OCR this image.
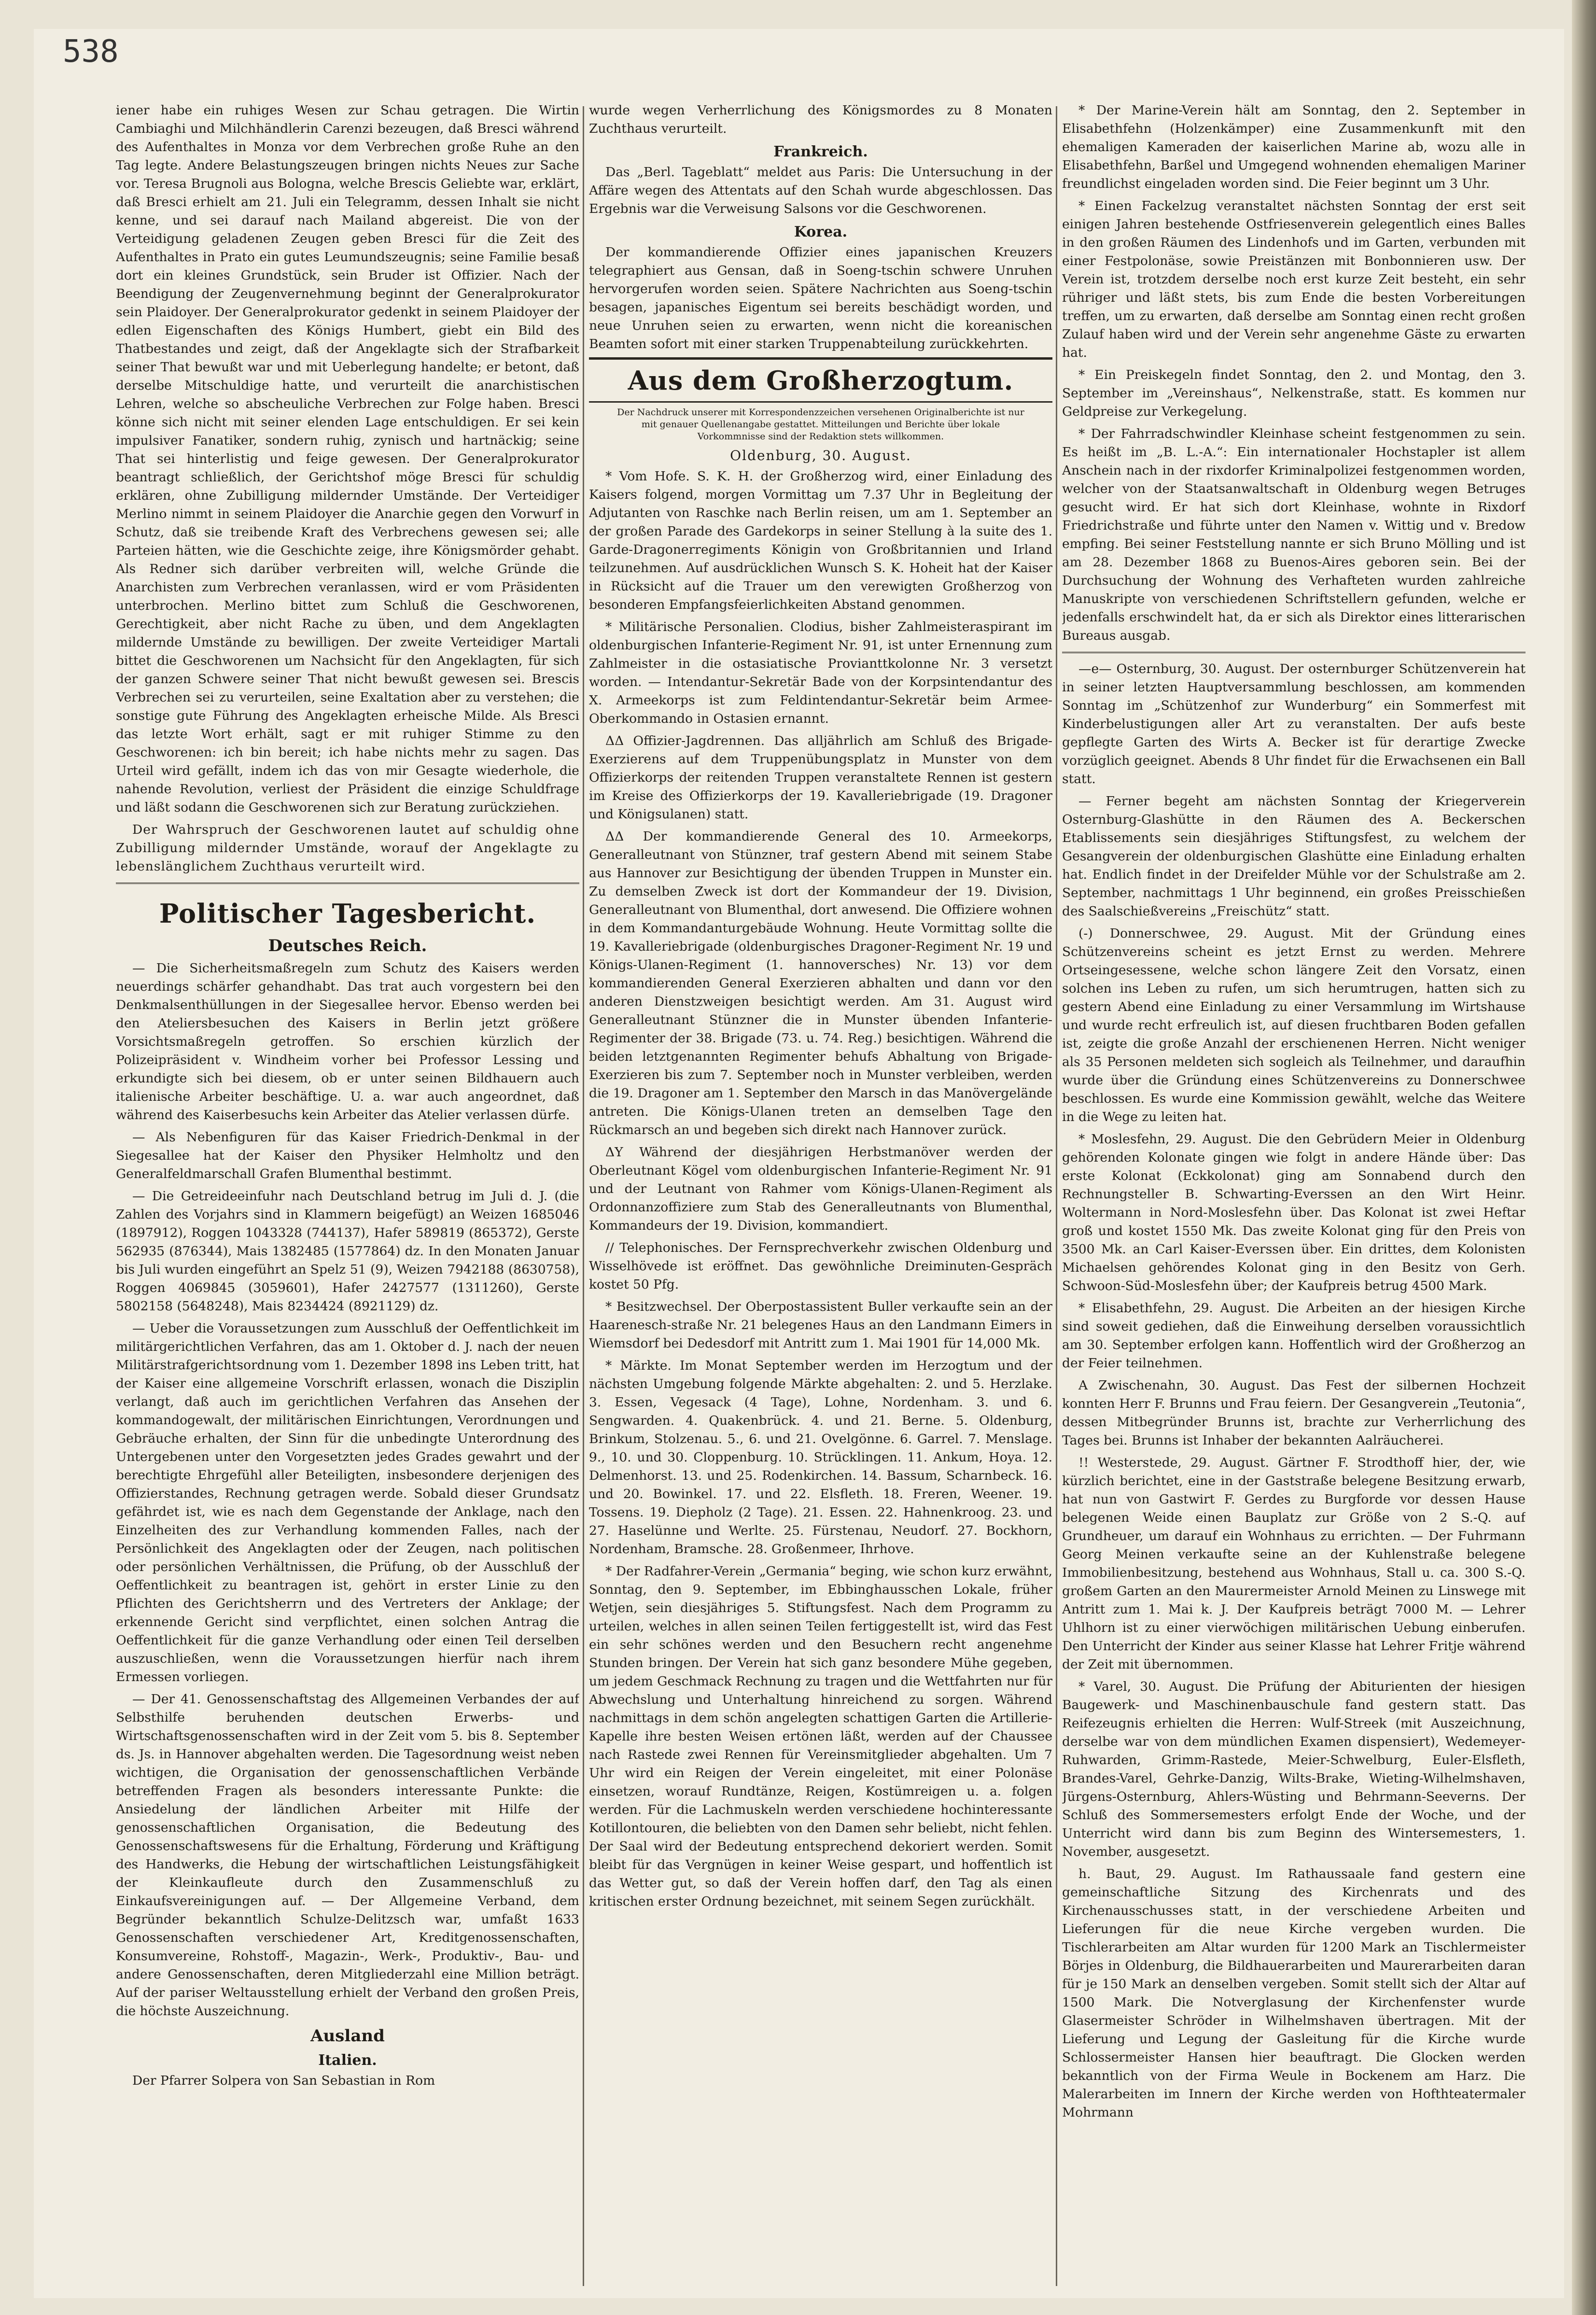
538

iener habe ein ruhiges Wesen zur Schau getragen. Die Wirtin Cambiaghi und Milchhändlerin Carenzi bezeugen, daß Bresci während des Aufenthaltes in Monza vor dem Verbrechen große Ruhe an den Tag legte. Andere Belastungszeugen bringen nichts Neues zur Sache vor. Teresa Brugnoli aus Bologna, welche Brescis Geliebte war, erklärt, daß Bresci erhielt am 21. Juli ein Telegramm, dessen Inhalt sie nicht kenne, und sei darauf nach Mailand abgereist. Die von der Verteidigung geladenen Zeugen geben Bresci für die Zeit des Aufenthaltes in Prato ein gutes Leumundszeugnis; seine Familie besaß dort ein kleines Grundstück, sein Bruder ist Offizier. Nach der Beendigung der Zeugenvernehmung beginnt der Generalprokurator sein Plaidoyer. Der Generalprokurator gedenkt in seinem Plaidoyer der edlen Eigenschaften des Königs Humbert, giebt ein Bild des Thatbestandes und zeigt, daß der Angeklagte sich der Strafbarkeit seiner That bewußt war und mit Ueberlegung handelte; er betont, daß derselbe Mitschuldige hatte, und verurteilt die anarchistischen Lehren, welche so abscheuliche Verbrechen zur Folge haben. Bresci könne sich nicht mit seiner elenden Lage entschuldigen. Er sei kein impulsiver Fanatiker, sondern ruhig, zynisch und hartnäckig; seine That sei hinterlistig und feige gewesen. Der Generalprokurator beantragt schließlich, der Gerichtshof möge Bresci für schuldig erklären, ohne Zubilligung mildernder Umstände. Der Verteidiger Merlino nimmt in seinem Plaidoyer die Anarchie gegen den Vorwurf in Schutz, daß sie treibende Kraft des Verbrechens gewesen sei; alle Parteien hätten, wie die Geschichte zeige, ihre Königsmörder gehabt. Als Redner sich darüber verbreiten will, welche Gründe die Anarchisten zum Verbrechen veranlassen, wird er vom Präsidenten unterbrochen. Merlino bittet zum Schluß die Geschworenen, Gerechtigkeit, aber nicht Rache zu üben, und dem Angeklagten mildernde Umstände zu bewilligen. Der zweite Verteidiger Martali bittet die Geschworenen um Nachsicht für den Angeklagten, für sich der ganzen Schwere seiner That nicht bewußt gewesen sei. Brescis Verbrechen sei zu verurteilen, seine Exaltation aber zu verstehen; die sonstige gute Führung des Angeklagten erheische Milde. Als Bresci das letzte Wort erhält, sagt er mit ruhiger Stimme zu den Geschworenen: ich bin bereit; ich habe nichts mehr zu sagen. Das Urteil wird gefällt, indem ich das von mir Gesagte wiederhole, die nahende Revolution, verliest der Präsident die einzige Schuldfrage und läßt sodann die Geschworenen sich zur Beratung zurückziehen.

Der Wahrspruch der Geschworenen lautet auf schuldig ohne Zubilligung mildernder Umstände, worauf der Angeklagte zu lebenslänglichem Zuchthaus verurteilt wird.

Politischer Tagesbericht.
Deutsches Reich.

— Die Sicherheitsmaßregeln zum Schutz des Kaisers werden neuerdings schärfer gehandhabt. Das trat auch vorgestern bei den Denkmalsenthüllungen in der Siegesallee hervor. Ebenso werden bei den Ateliersbesuchen des Kaisers in Berlin jetzt größere Vorsichtsmaßregeln getroffen. So erschien kürzlich der Polizeipräsident v. Windheim vorher bei Professor Lessing und erkundigte sich bei diesem, ob er unter seinen Bildhauern auch italienische Arbeiter beschäftige. U. a. war auch angeordnet, daß während des Kaiserbesuchs kein Arbeiter das Atelier verlassen dürfe.

— Als Nebenfiguren für das Kaiser Friedrich-Denkmal in der Siegesallee hat der Kaiser den Physiker Helmholtz und den Generalfeldmarschall Grafen Blumenthal bestimmt.

— Die Getreideeinfuhr nach Deutschland betrug im Juli d. J. (die Zahlen des Vorjahrs sind in Klammern beigefügt) an Weizen 1685046 (1897912), Roggen 1043328 (744137), Hafer 589819 (865372), Gerste 562935 (876344), Mais 1382485 (1577864) dz. In den Monaten Januar bis Juli wurden eingeführt an Spelz 51 (9), Weizen 7942188 (8630758), Roggen 4069845 (3059601), Hafer 2427577 (1311260), Gerste 5802158 (5648248), Mais 8234424 (8921129) dz.

— Ueber die Voraussetzungen zum Ausschluß der Oeffentlichkeit im militärgerichtlichen Verfahren, das am 1. Oktober d. J. nach der neuen Militärstrafgerichtsordnung vom 1. Dezember 1898 ins Leben tritt, hat der Kaiser eine allgemeine Vorschrift erlassen, wonach die Disziplin verlangt, daß auch im gerichtlichen Verfahren das Ansehen der kommandogewalt, der militärischen Einrichtungen, Verordnungen und Gebräuche erhalten, der Sinn für die unbedingte Unterordnung des Untergebenen unter den Vorgesetzten jedes Grades gewahrt und der berechtigte Ehrgefühl aller Beteiligten, insbesondere derjenigen des Offizierstandes, Rechnung getragen werde. Sobald dieser Grundsatz gefährdet ist, wie es nach dem Gegenstande der Anklage, nach den Einzelheiten des zur Verhandlung kommenden Falles, nach der Persönlichkeit des Angeklagten oder der Zeugen, nach politischen oder persönlichen Verhältnissen, die Prüfung, ob der Ausschluß der Oeffentlichkeit zu beantragen ist, gehört in erster Linie zu den Pflichten des Gerichtsherrn und des Vertreters der Anklage; der erkennende Gericht sind verpflichtet, einen solchen Antrag die Oeffentlichkeit für die ganze Verhandlung oder einen Teil derselben auszuschließen, wenn die Voraussetzungen hierfür nach ihrem Ermessen vorliegen.

— Der 41. Genossenschaftstag des Allgemeinen Verbandes der auf Selbsthilfe beruhenden deutschen Erwerbs- und Wirtschaftsgenossenschaften wird in der Zeit vom 5. bis 8. September ds. Js. in Hannover abgehalten werden. Die Tagesordnung weist neben wichtigen, die Organisation der genossenschaftlichen Verbände betreffenden Fragen als besonders interessante Punkte: die Ansiedelung der ländlichen Arbeiter mit Hilfe der genossenschaftlichen Organisation, die Bedeutung des Genossenschaftswesens für die Erhaltung, Förderung und Kräftigung des Handwerks, die Hebung der wirtschaftlichen Leistungsfähigkeit der Kleinkaufleute durch den Zusammenschluß zu Einkaufsvereinigungen auf. — Der Allgemeine Verband, dem Begründer bekanntlich Schulze-Delitzsch war, umfaßt 1633 Genossenschaften verschiedener Art, Kreditgenossenschaften, Konsumvereine, Rohstoff-, Magazin-, Werk-, Produktiv-, Bau- und andere Genossenschaften, deren Mitgliederzahl eine Million beträgt. Auf der pariser Weltausstellung erhielt der Verband den großen Preis, die höchste Auszeichnung.

Ausland
Italien.

Der Pfarrer Solpera von San Sebastian in Rom

wurde wegen Verherrlichung des Königsmordes zu 8 Monaten Zuchthaus verurteilt.

Frankreich.

Das „Berl. Tageblatt“ meldet aus Paris: Die Untersuchung in der Affäre wegen des Attentats auf den Schah wurde abgeschlossen. Das Ergebnis war die Verweisung Salsons vor die Geschworenen.

Korea.

Der kommandierende Offizier eines japanischen Kreuzers telegraphiert aus Gensan, daß in Soeng-tschin schwere Unruhen hervorgerufen worden seien. Spätere Nachrichten aus Soeng-tschin besagen, japanisches Eigentum sei bereits beschädigt worden, und neue Unruhen seien zu erwarten, wenn nicht die koreanischen Beamten sofort mit einer starken Truppenabteilung zurückkehrten.

Aus dem Großherzogtum.
Der Nachdruck unserer mit Korrespondenzzeichen versehenen Originalberichte ist nur mit genauer Quellenangabe gestattet. Mitteilungen und Berichte über lokale Vorkommnisse sind der Redaktion stets willkommen.
Oldenburg, 30. August.

* Vom Hofe. S. K. H. der Großherzog wird, einer Einladung des Kaisers folgend, morgen Vormittag um 7.37 Uhr in Begleitung der Adjutanten von Raschke nach Berlin reisen, um am 1. September an der großen Parade des Gardekorps in seiner Stellung à la suite des 1. Garde-Dragonerregiments Königin von Großbritannien und Irland teilzunehmen. Auf ausdrücklichen Wunsch S. K. Hoheit hat der Kaiser in Rücksicht auf die Trauer um den verewigten Großherzog von besonderen Empfangsfeierlichkeiten Abstand genommen.

* Militärische Personalien. Clodius, bisher Zahlmeisteraspirant im oldenburgischen Infanterie-Regiment Nr. 91, ist unter Ernennung zum Zahlmeister in die ostasiatische Provianttkolonne Nr. 3 versetzt worden. — Intendantur-Sekretär Bade von der Korpsintendantur des X. Armeekorps ist zum Feldintendantur-Sekretär beim Armee-Oberkommando in Ostasien ernannt.

ΔΔ Offizier-Jagdrennen. Das alljährlich am Schluß des Brigade-Exerzierens auf dem Truppenübungsplatz in Munster von dem Offizierkorps der reitenden Truppen veranstaltete Rennen ist gestern im Kreise des Offizierkorps der 19. Kavalleriebrigade (19. Dragoner und Königsulanen) statt.

ΔΔ Der kommandierende General des 10. Armeekorps, Generalleutnant von Stünzner, traf gestern Abend mit seinem Stabe aus Hannover zur Besichtigung der übenden Truppen in Munster ein. Zu demselben Zweck ist dort der Kommandeur der 19. Division, Generalleutnant von Blumenthal, dort anwesend. Die Offiziere wohnen in dem Kommandanturgebäude Wohnung. Heute Vormittag sollte die 19. Kavalleriebrigade (oldenburgisches Dragoner-Regiment Nr. 19 und Königs-Ulanen-Regiment (1. hannoversches) Nr. 13) vor dem kommandierenden General Exerzieren abhalten und dann vor den anderen Dienstzweigen besichtigt werden. Am 31. August wird Generalleutnant Stünzner die in Munster übenden Infanterie-Regimenter der 38. Brigade (73. u. 74. Reg.) besichtigen. Während die beiden letztgenannten Regimenter behufs Abhaltung von Brigade-Exerzieren bis zum 7. September noch in Munster verbleiben, werden die 19. Dragoner am 1. September den Marsch in das Manövergelände antreten. Die Königs-Ulanen treten an demselben Tage den Rückmarsch an und begeben sich direkt nach Hannover zurück.

ΔΥ Während der diesjährigen Herbstmanöver werden der Oberleutnant Kögel vom oldenburgischen Infanterie-Regiment Nr. 91 und der Leutnant von Rahmer vom Königs-Ulanen-Regiment als Ordonnanzoffiziere zum Stab des Generalleutnants von Blumenthal, Kommandeurs der 19. Division, kommandiert.

// Telephonisches. Der Fernsprechverkehr zwischen Oldenburg und Wisselhövede ist eröffnet. Das gewöhnliche Dreiminuten-Gespräch kostet 50 Pfg.

* Besitzwechsel. Der Oberpostassistent Buller verkaufte sein an der Haarenesch-straße Nr. 21 belegenes Haus an den Landmann Eimers in Wiemsdorf bei Dedesdorf mit Antritt zum 1. Mai 1901 für 14,000 Mk.

* Märkte. Im Monat September werden im Herzogtum und der nächsten Umgebung folgende Märkte abgehalten: 2. und 5. Herzlake. 3. Essen, Vegesack (4 Tage), Lohne, Nordenham. 3. und 6. Sengwarden. 4. Quakenbrück. 4. und 21. Berne. 5. Oldenburg, Brinkum, Stolzenau. 5., 6. und 21. Ovelgönne. 6. Garrel. 7. Menslage. 9., 10. und 30. Cloppenburg. 10. Strücklingen. 11. Ankum, Hoya. 12. Delmenhorst. 13. und 25. Rodenkirchen. 14. Bassum, Scharnbeck. 16. und 20. Bowinkel. 17. und 22. Elsfleth. 18. Freren, Weener. 19. Tossens. 19. Diepholz (2 Tage). 21. Essen. 22. Hahnenkroog. 23. und 27. Haselünne und Werlte. 25. Fürstenau, Neudorf. 27. Bockhorn, Nordenham, Bramsche. 28. Großenmeer, Ihrhove.

* Der Radfahrer-Verein „Germania“ beging, wie schon kurz erwähnt, Sonntag, den 9. September, im Ebbinghausschen Lokale, früher Wetjen, sein diesjähriges 5. Stiftungsfest. Nach dem Programm zu urteilen, welches in allen seinen Teilen fertiggestellt ist, wird das Fest ein sehr schönes werden und den Besuchern recht angenehme Stunden bringen. Der Verein hat sich ganz besondere Mühe gegeben, um jedem Geschmack Rechnung zu tragen und die Wettfahrten nur für Abwechslung und Unterhaltung hinreichend zu sorgen. Während nachmittags in dem schön angelegten schattigen Garten die Artillerie-Kapelle ihre besten Weisen ertönen läßt, werden auf der Chaussee nach Rastede zwei Rennen für Vereinsmitglieder abgehalten. Um 7 Uhr wird ein Reigen der Verein eingeleitet, mit einer Polonäse einsetzen, worauf Rundtänze, Reigen, Kostümreigen u. a. folgen werden. Für die Lachmuskeln werden verschiedene hochinteressante Kotillontouren, die beliebten von den Damen sehr beliebt, nicht fehlen. Der Saal wird der Bedeutung entsprechend dekoriert werden. Somit bleibt für das Vergnügen in keiner Weise gespart, und hoffentlich ist das Wetter gut, so daß der Verein hoffen darf, den Tag als einen kritischen erster Ordnung bezeichnet, mit seinem Segen zurückhält.

* Der Marine-Verein hält am Sonntag, den 2. September in Elisabethfehn (Holzenkämper) eine Zusammenkunft mit den ehemaligen Kameraden der kaiserlichen Marine ab, wozu alle in Elisabethfehn, Barßel und Umgegend wohnenden ehemaligen Mariner freundlichst eingeladen worden sind. Die Feier beginnt um 3 Uhr.

* Einen Fackelzug veranstaltet nächsten Sonntag der erst seit einigen Jahren bestehende Ostfriesenverein gelegentlich eines Balles in den großen Räumen des Lindenhofs und im Garten, verbunden mit einer Festpolonäse, sowie Preistänzen mit Bonbonnieren usw. Der Verein ist, trotzdem derselbe noch erst kurze Zeit besteht, ein sehr rühriger und läßt stets, bis zum Ende die besten Vorbereitungen treffen, um zu erwarten, daß derselbe am Sonntag einen recht großen Zulauf haben wird und der Verein sehr angenehme Gäste zu erwarten hat.

* Ein Preiskegeln findet Sonntag, den 2. und Montag, den 3. September im „Vereinshaus“, Nelkenstraße, statt. Es kommen nur Geldpreise zur Verkegelung.

* Der Fahrradschwindler Kleinhase scheint festgenommen zu sein. Es heißt im „B. L.-A.“: Ein internationaler Hochstapler ist allem Anschein nach in der rixdorfer Kriminalpolizei festgenommen worden, welcher von der Staatsanwaltschaft in Oldenburg wegen Betruges gesucht wird. Er hat sich dort Kleinhase, wohnte in Rixdorf Friedrichstraße und führte unter den Namen v. Wittig und v. Bredow empfing. Bei seiner Feststellung nannte er sich Bruno Mölling und ist am 28. Dezember 1868 zu Buenos-Aires geboren sein. Bei der Durchsuchung der Wohnung des Verhafteten wurden zahlreiche Manuskripte von verschiedenen Schriftstellern gefunden, welche er jedenfalls erschwindelt hat, da er sich als Direktor eines litterarischen Bureaus ausgab.

—e— Osternburg, 30. August. Der osternburger Schützenverein hat in seiner letzten Hauptversammlung beschlossen, am kommenden Sonntag im „Schützenhof zur Wunderburg“ ein Sommerfest mit Kinderbelustigungen aller Art zu veranstalten. Der aufs beste gepflegte Garten des Wirts A. Becker ist für derartige Zwecke vorzüglich geeignet. Abends 8 Uhr findet für die Erwachsenen ein Ball statt.

— Ferner begeht am nächsten Sonntag der Kriegerverein Osternburg-Glashütte in den Räumen des A. Beckerschen Etablissements sein diesjähriges Stiftungsfest, zu welchem der Gesangverein der oldenburgischen Glashütte eine Einladung erhalten hat. Endlich findet in der Dreifelder Mühle vor der Schulstraße am 2. September, nachmittags 1 Uhr beginnend, ein großes Preisschießen des Saalschießvereins „Freischütz“ statt.

(-) Donnerschwee, 29. August. Mit der Gründung eines Schützenvereins scheint es jetzt Ernst zu werden. Mehrere Ortseingesessene, welche schon längere Zeit den Vorsatz, einen solchen ins Leben zu rufen, um sich herumtrugen, hatten sich zu gestern Abend eine Einladung zu einer Versammlung im Wirtshause und wurde recht erfreulich ist, auf diesen fruchtbaren Boden gefallen ist, zeigte die große Anzahl der erschienenen Herren. Nicht weniger als 35 Personen meldeten sich sogleich als Teilnehmer, und daraufhin wurde über die Gründung eines Schützenvereins zu Donnerschwee beschlossen. Es wurde eine Kommission gewählt, welche das Weitere in die Wege zu leiten hat.

* Moslesfehn, 29. August. Die den Gebrüdern Meier in Oldenburg gehörenden Kolonate gingen wie folgt in andere Hände über: Das erste Kolonat (Eckkolonat) ging am Sonnabend durch den Rechnungsteller B. Schwarting-Everssen an den Wirt Heinr. Woltermann in Nord-Moslesfehn über. Das Kolonat ist zwei Heftar groß und kostet 1550 Mk. Das zweite Kolonat ging für den Preis von 3500 Mk. an Carl Kaiser-Everssen über. Ein drittes, dem Kolonisten Michaelsen gehörendes Kolonat ging in den Besitz von Gerh. Schwoon-Süd-Moslesfehn über; der Kaufpreis betrug 4500 Mark.

* Elisabethfehn, 29. August. Die Arbeiten an der hiesigen Kirche sind soweit gediehen, daß die Einweihung derselben voraussichtlich am 30. September erfolgen kann. Hoffentlich wird der Großherzog an der Feier teilnehmen.

A Zwischenahn, 30. August. Das Fest der silbernen Hochzeit konnten Herr F. Brunns und Frau feiern. Der Gesangverein „Teutonia“, dessen Mitbegründer Brunns ist, brachte zur Verherrlichung des Tages bei. Brunns ist Inhaber der bekannten Aalräucherei.

!! Westerstede, 29. August. Gärtner F. Strodthoff hier, der, wie kürzlich berichtet, eine in der Gaststraße belegene Besitzung erwarb, hat nun von Gastwirt F. Gerdes zu Burgforde vor dessen Hause belegenen Weide einen Bauplatz zur Größe von 2 S.-Q. auf Grundheuer, um darauf ein Wohnhaus zu errichten. — Der Fuhrmann Georg Meinen verkaufte seine an der Kuhlenstraße belegene Immobilienbesitzung, bestehend aus Wohnhaus, Stall u. ca. 300 S.-Q. großem Garten an den Maurermeister Arnold Meinen zu Linswege mit Antritt zum 1. Mai k. J. Der Kaufpreis beträgt 7000 M. — Lehrer Uhlhorn ist zu einer vierwöchigen militärischen Uebung einberufen. Den Unterricht der Kinder aus seiner Klasse hat Lehrer Fritje während der Zeit mit übernommen.

* Varel, 30. August. Die Prüfung der Abiturienten der hiesigen Baugewerk- und Maschinenbauschule fand gestern statt. Das Reifezeugnis erhielten die Herren: Wulf-Streek (mit Auszeichnung, derselbe war von dem mündlichen Examen dispensiert), Wedemeyer-Ruhwarden, Grimm-Rastede, Meier-Schwelburg, Euler-Elsfleth, Brandes-Varel, Gehrke-Danzig, Wilts-Brake, Wieting-Wilhelmshaven, Jürgens-Osternburg, Ahlers-Wüsting und Behrmann-Seeverns. Der Schluß des Sommersemesters erfolgt Ende der Woche, und der Unterricht wird dann bis zum Beginn des Wintersemesters, 1. November, ausgesetzt.

h. Baut, 29. August. Im Rathaussaale fand gestern eine gemeinschaftliche Sitzung des Kirchenrats und des Kirchenausschusses statt, in der verschiedene Arbeiten und Lieferungen für die neue Kirche vergeben wurden. Die Tischlerarbeiten am Altar wurden für 1200 Mark an Tischlermeister Börjes in Oldenburg, die Bildhauerarbeiten und Maurerarbeiten daran für je 150 Mark an denselben vergeben. Somit stellt sich der Altar auf 1500 Mark. Die Notverglasung der Kirchenfenster wurde Glasermeister Schröder in Wilhelmshaven übertragen. Mit der Lieferung und Legung der Gasleitung für die Kirche wurde Schlossermeister Hansen hier beauftragt. Die Glocken werden bekanntlich von der Firma Weule in Bockenem am Harz. Die Malerarbeiten im Innern der Kirche werden von Hofthteatermaler Mohrmann
